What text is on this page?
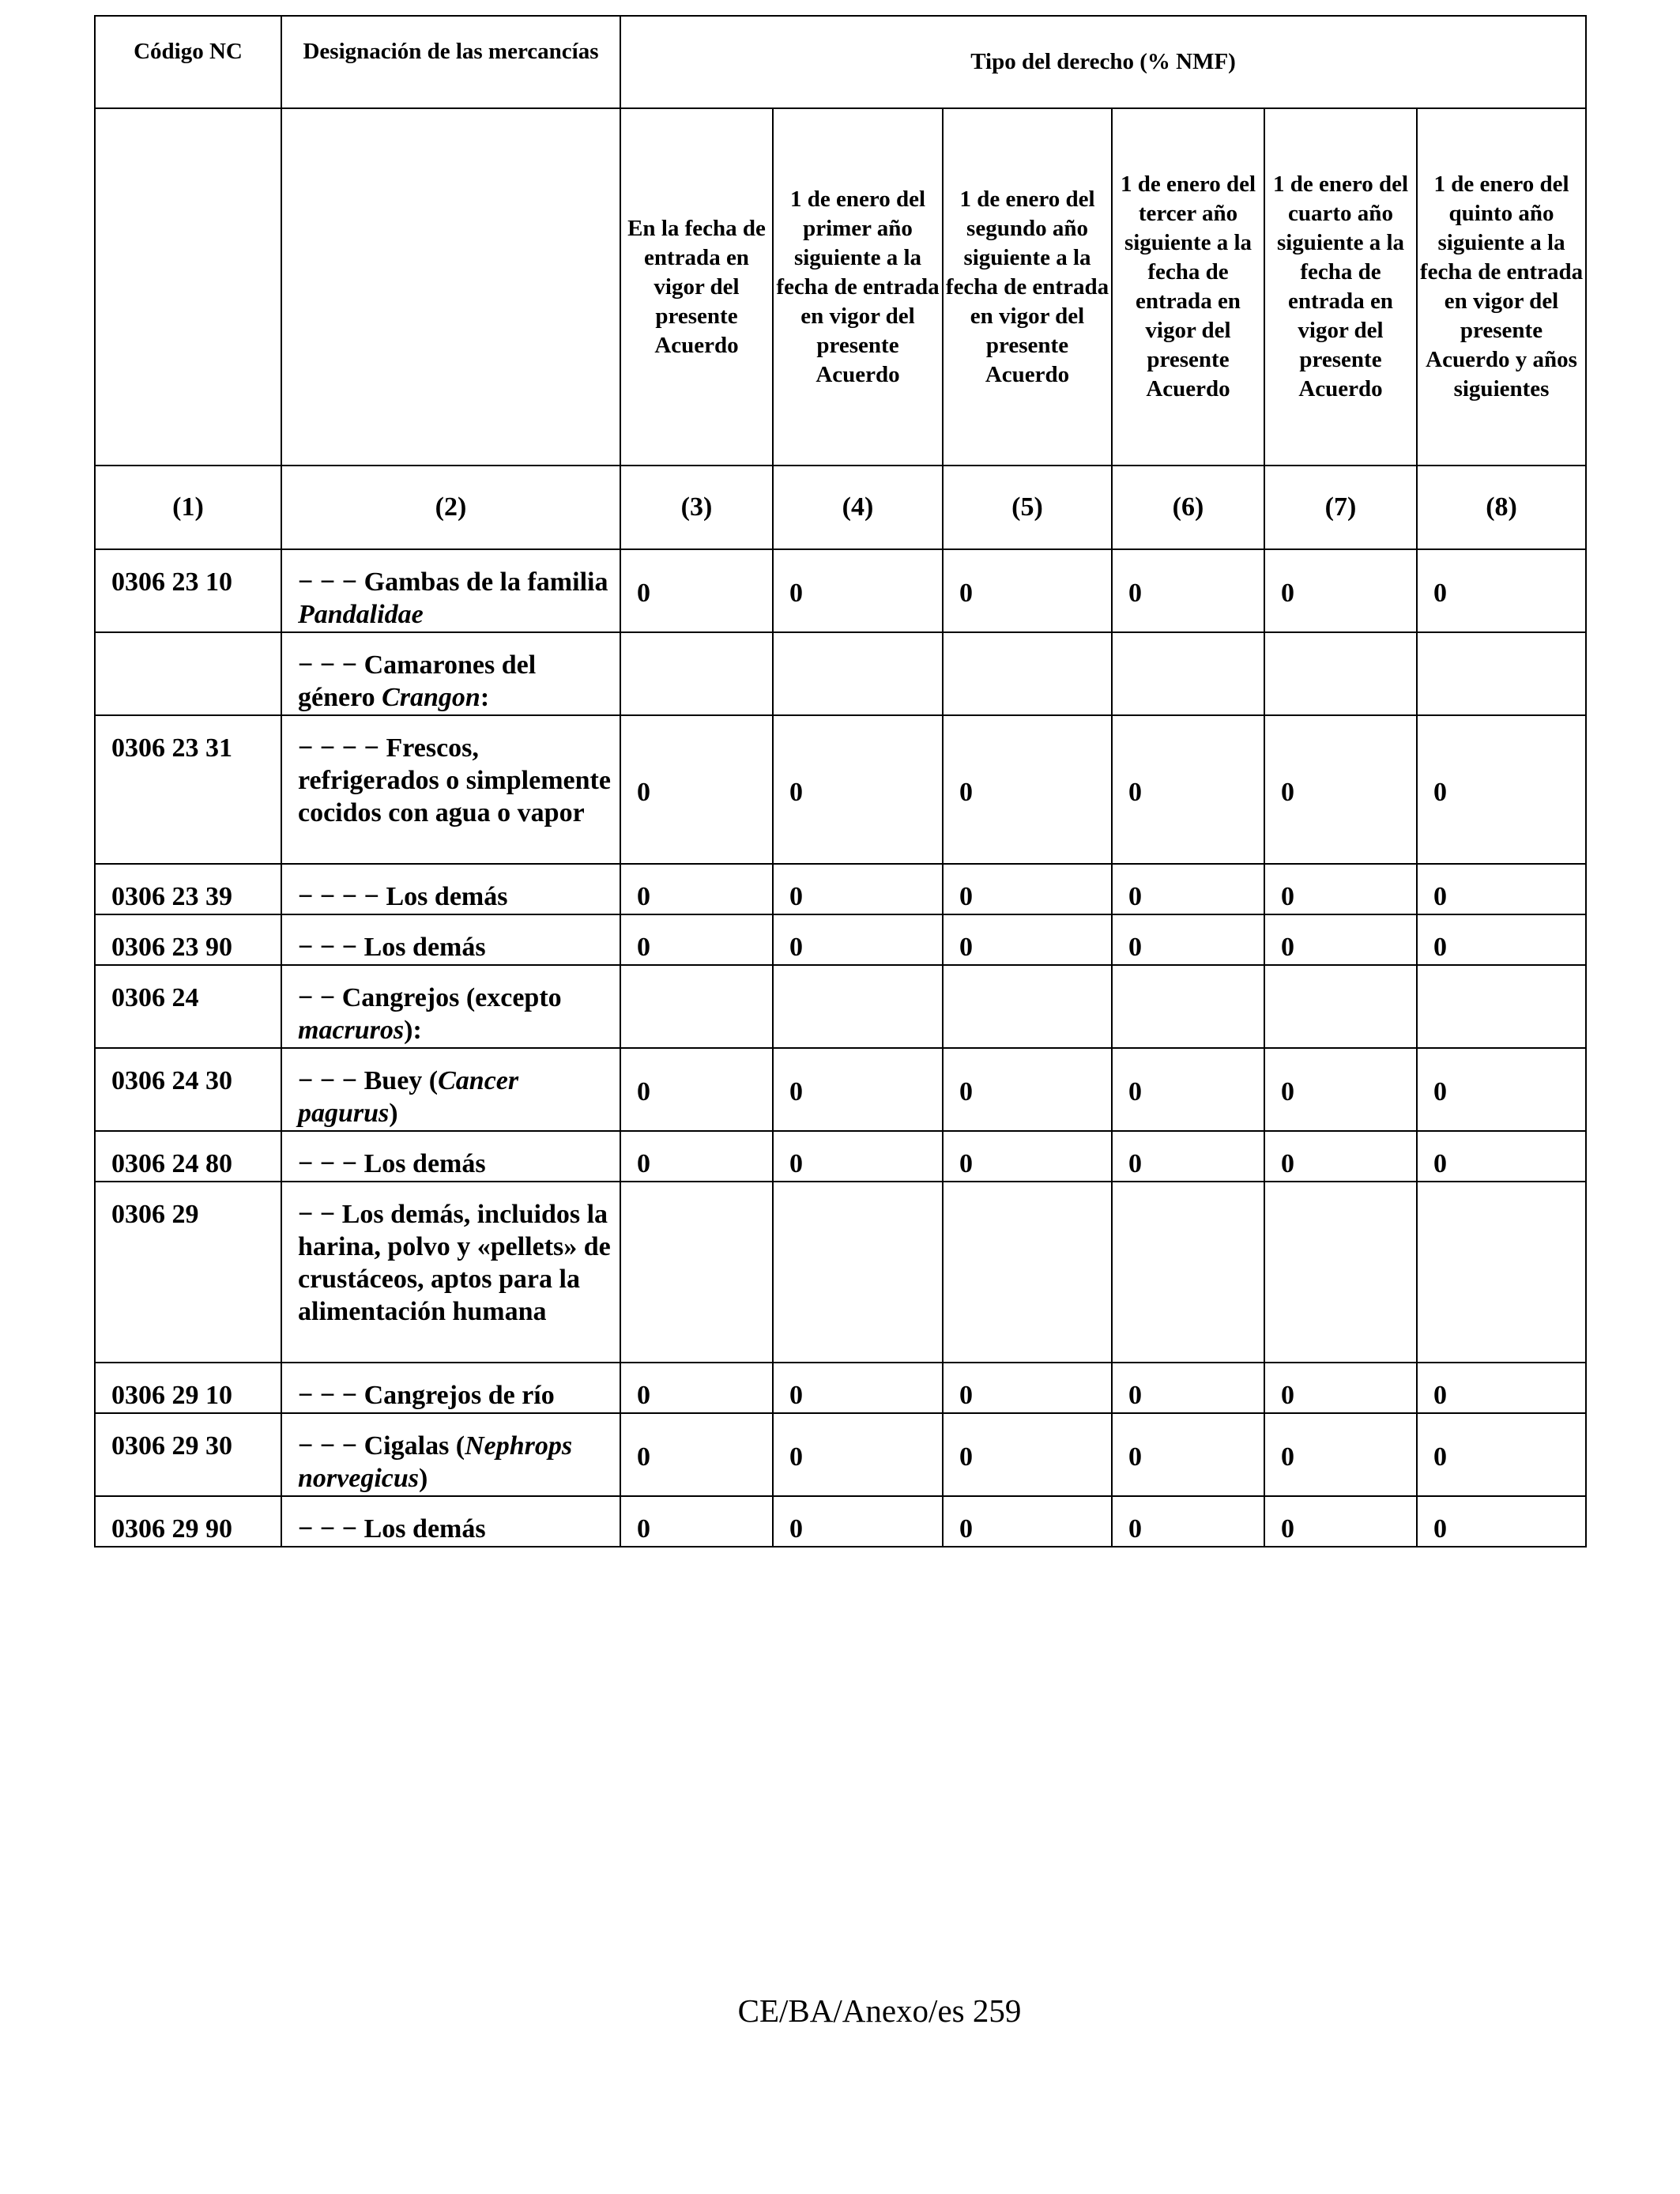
Código NC	Designación de las mercancías	Tipo del derecho (% NMF)					

		En la fecha de entrada en vigor del presente Acuerdo	1 de enero del primer año siguiente a la fecha de entrada en vigor del presente Acuerdo	1 de enero del segundo año siguiente a la fecha de entrada en vigor del presente Acuerdo	1 de enero del tercer año siguiente a la fecha de entrada en vigor del presente Acuerdo	1 de enero del cuarto año siguiente a la fecha de entrada en vigor del presente Acuerdo	1 de enero del quinto año siguiente a la fecha de entrada en vigor del presente Acuerdo y años siguientes
(1)	(2)	(3)	(4)	(5)	(6)	(7)	(8)

0306 23 10	− − − Gambas de la familia Pandalidae	0	0	0	0	0	0

	− − − Camarones del género Crangon:						

0306 23 31	− − − − Frescos, refrigerados o simplemente cocidos con agua o vapor	0	0	0	0	0	0

0306 23 39	− − − − Los demás	0	0	0	0	0	0

0306 23 90	− − − Los demás	0	0	0	0	0	0

0306 24	− − Cangrejos (excepto macruros):						

0306 24 30	− − − Buey (Cancer pagurus)	0	0	0	0	0	0

0306 24 80	− − − Los demás	0	0	0	0	0	0

0306 29	− − Los demás, incluidos la harina, polvo y «pellets» de crustáceos, aptos para la alimentación humana						

0306 29 10	− − − Cangrejos de río	0	0	0	0	0	0

0306 29 30	− − − Cigalas (Nephrops norvegicus)	0	0	0	0	0	0

0306 29 90	− − − Los demás	0	0	0	0	0	0
CE/BA/Anexo/es 259
